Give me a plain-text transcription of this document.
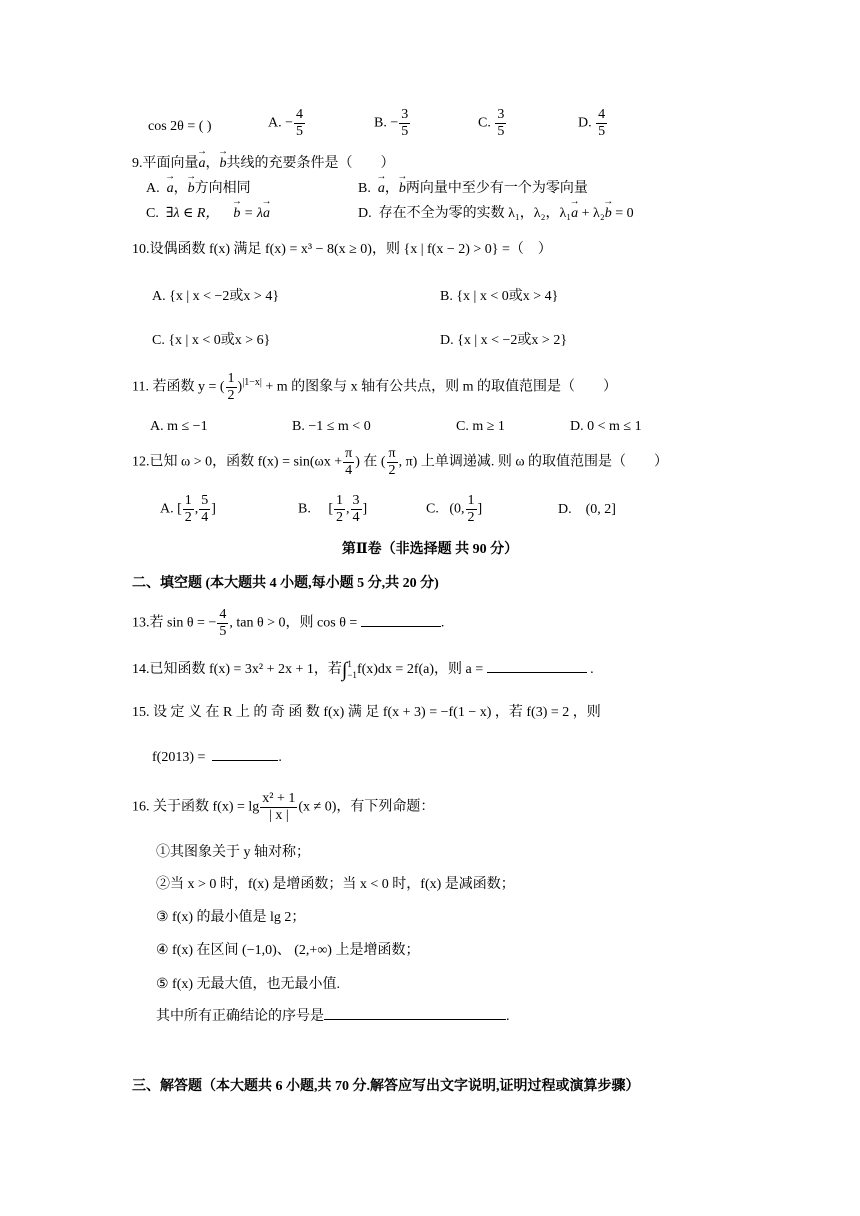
cos 2θ = ( )	A. − $\frac{4}{5}$	B. − $\frac{3}{5}$	C. $\frac{3}{5}$	D. $\frac{4}{5}$
9.平面向量→ a，→ b共线的充要条件是（　　）
A. → a，→ b方向相同	B. → a，→ b两向量中至少有一个为零向量
C. ∃λ ∈ R， → b = λ→ a	D. 存在不全为零的实数 λ₁，λ₂，λ₁→ a + λ₂→ b = 0
10.设偶函数 f(x) 满足 f(x) = x³ − 8(x ≥ 0)，则 {x | f(x − 2) > 0} =（　）
A. {x | x < −2或x > 4}	B. {x | x < 0或x > 4}
C. {x | x < 0或x > 6}	D. {x | x < −2或x > 2}
11. 若函数 y = ( $\frac{1}{2} )^{|1-x|} + m$ 的图象与 x 轴有公共点，则 m 的取值范围是（　　）
A. m ≤ −1	B. −1 ≤ m < 0	C. m ≥ 1	D. 0 < m ≤ 1
12.已知 ω > 0，函数 $f(x) = \sin(\omega x + \frac{\pi}{4}$ ) 在 ( $\frac{\pi}{2}$ , π) 上单调递减. 则 ω 的取值范围是（　　）
A. [ $\frac{1}{2}$ , $\frac{5}{4}$ ]	B.     [ $\frac{1}{2}$ , $\frac{3}{4}$ ]	C.   (0, $\frac{1}{2}$ ]	D. (0, 2]
第Ⅱ卷（非选择题 共 90 分）
二、填空题 (本大题共 4 小题,每小题 5 分,共 20 分)
13.若 sin θ = − $\frac{4}{5}$ , tan θ > 0，则 cos θ =	.
14.已知函数 f(x) = 3x² + 2x + 1，若∫ 1
−1 f(x)dx = 2f(a)，则 a =	.
15. 设 定 义 在 R 上 的 奇 函 数 f(x) 满 足 f(x + 3) = −f(1 − x) ，若 f(3) = 2 ，则
f(2013) =	.
16. 关于函数 $f(x) = \lg \frac{\text{x² + 1}}{| x |} (x \ne 0)$，有下列命题：
①其图象关于 y 轴对称；
②当 x > 0 时，f(x) 是增函数；当 x < 0 时，f(x) 是减函数；
③ f(x) 的最小值是 lg 2；
④ f(x) 在区间 (−1,0)、 (2,+∞) 上是增函数；
⑤ f(x) 无最大值，也无最小值.
其中所有正确结论的序号是	.
三、解答题（本大题共 6 小题,共 70 分.解答应写出文字说明,证明过程或演算步骤）
